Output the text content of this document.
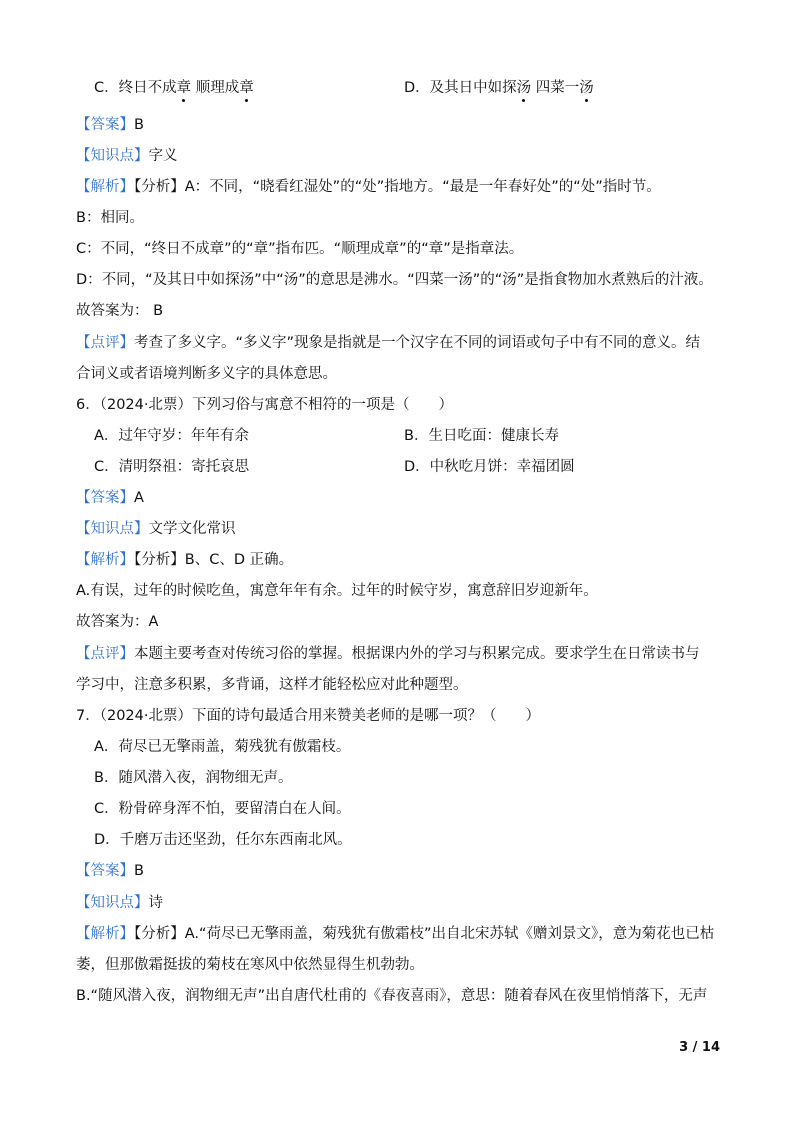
C．终日不成章 顺理成章	D．及其日中如探汤 四菜一汤
【答案】B
【知识点】字义
【解析】【分析】A：不同，“晓看红湿处”的“处”指地方。“最是一年春好处”的“处”指时节。
B：相同。
C：不同，“终日不成章”的“章”指布匹。“顺理成章”的“章”是指章法。
D：不同，“及其日中如探汤”中“汤”的意思是沸水。“四菜一汤”的“汤”是指食物加水煮熟后的汁液。
故答案为： B
【点评】考查了多义字。“多义字”现象是指就是一个汉字在不同的词语或句子中有不同的意义。结
合词义或者语境判断多义字的具体意思。
6．（2024·北票）下列习俗与寓意不相符的一项是（　　）
A．过年守岁：年年有余	B．生日吃面：健康长寿
C．清明祭祖：寄托哀思	D．中秋吃月饼：幸福团圆
【答案】A
【知识点】文学文化常识
【解析】【分析】B、C、D 正确。
A.有误，过年的时候吃鱼，寓意年年有余。过年的时候守岁，寓意辞旧岁迎新年。
故答案为：A
【点评】本题主要考查对传统习俗的掌握。根据课内外的学习与积累完成。要求学生在日常读书与
学习中，注意多积累，多背诵，这样才能轻松应对此种题型。
7．（2024·北票）下面的诗句最适合用来赞美老师的是哪一项？（　　）
A．荷尽已无擎雨盖，菊残犹有傲霜枝。
B．随风潜入夜，润物细无声。
C．粉骨碎身浑不怕，要留清白在人间。
D．千磨万击还坚劲，任尔东西南北风。
【答案】B
【知识点】诗
【解析】【分析】A.“荷尽已无擎雨盖，菊残犹有傲霜枝”出自北宋苏轼《赠刘景文》，意为菊花也已枯
萎，但那傲霜挺拔的菊枝在寒风中依然显得生机勃勃。
B.“随风潜入夜，润物细无声”出自唐代杜甫的《春夜喜雨》，意思：随着春风在夜里悄悄落下，无声
3 / 14
